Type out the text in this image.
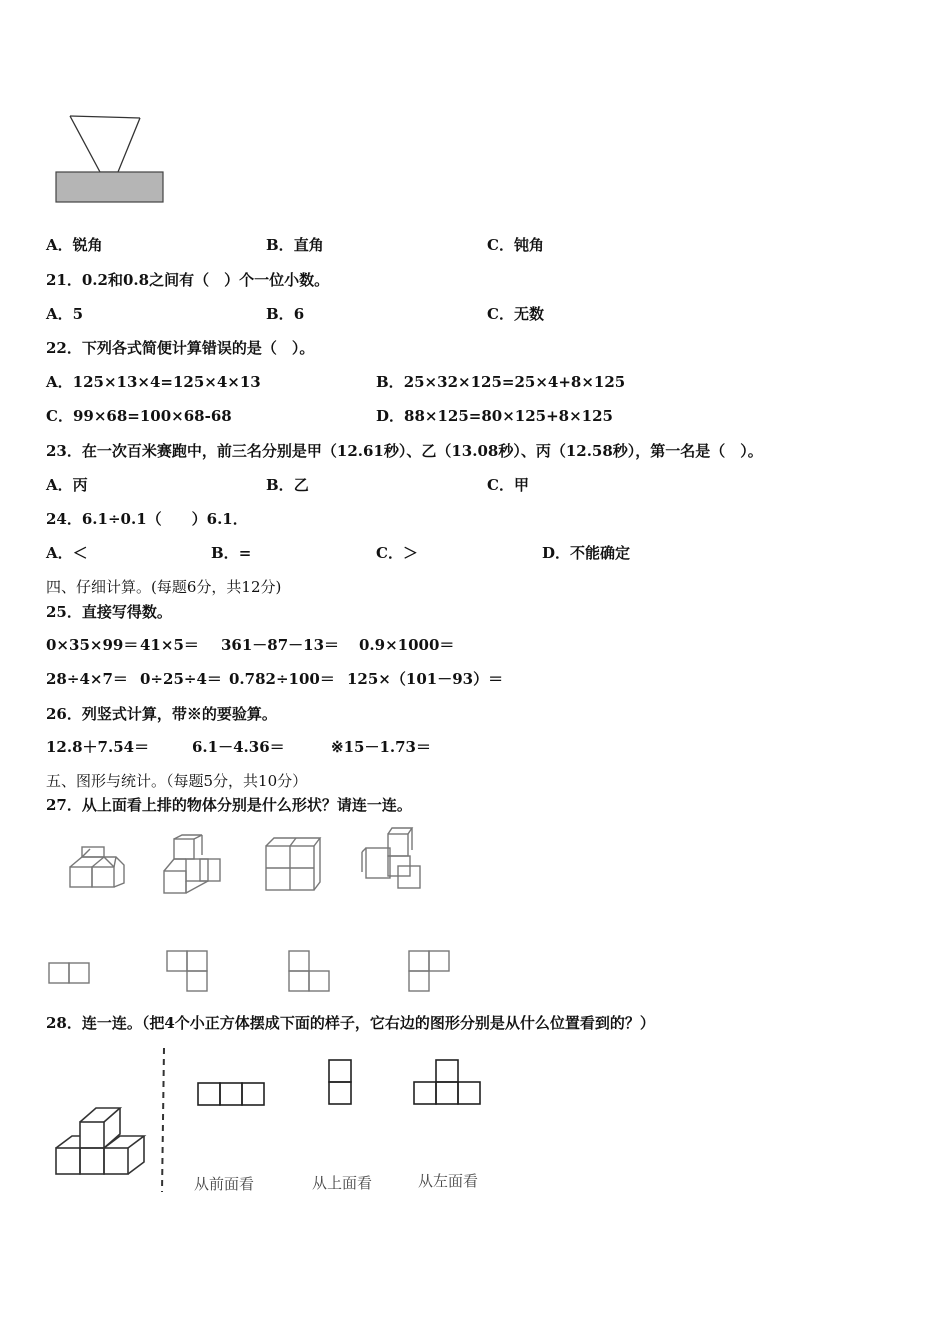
A．锐角	B．直角	C．钝角
21．0.2和0.8之间有（　）个一位小数。
A．5	B．6	C．无数
22．下列各式简便计算错误的是（　）。
A．125×13×4=125×4×13	B．25×32×125=25×4+8×125
C．99×68=100×68-68	D．88×125=80×125+8×125
23．在一次百米赛跑中，前三名分别是甲（12.61秒）、乙（13.08秒）、丙（12.58秒），第一名是（　）。
A．丙	B．乙	C．甲
24．6.1÷0.1（　　）6.1．
A．＜	B．=	C．＞	D．不能确定
四、仔细计算。(每题6分，共12分)
25．直接写得数。
0×35×99＝ 41×5＝ 361－87－13＝ 0.9×1000＝
28÷4×7＝ 0÷25÷4＝ 0.782÷100＝ 125×（101－93）＝
26．列竖式计算，带※的要验算。
12.8＋7.54＝	6.1－4.36＝	※15－1.73＝
五、图形与统计。（每题5分，共10分）
27．从上面看上排的物体分别是什么形状？请连一连。
28．连一连。（把4个小正方体摆成下面的样子，它右边的图形分别是从什么位置看到的？）
从前面看	从上面看	从左面看
